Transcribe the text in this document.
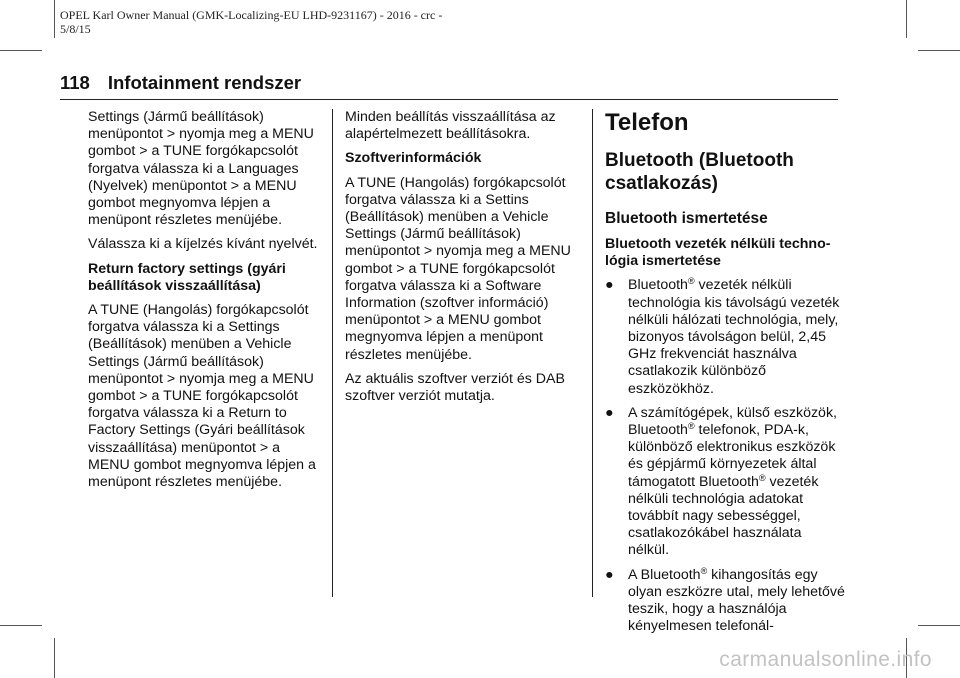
OPEL Karl Owner Manual (GMK-Localizing-EU LHD-9231167) - 2016 - crc -
5/8/15
118 Infotainment rendszer

Settings (Jármű beállítások) menüpontot > nyomja meg a MENU gombot > a TUNE forgókapcsolót forgatva válassza ki a Languages (Nyelvek) menüpontot > a MENU gombot megnyomva lépjen a menüpont részletes menüjébe.

Válassza ki a kíjelzés kívánt nyelvét.

Return factory settings (gyári beállítások visszaállítása)

A TUNE (Hangolás) forgókapcsolót forgatva válassza ki a Settings (Beállítások) menüben a Vehicle Settings (Jármű beállítások) menüpontot > nyomja meg a MENU gombot > a TUNE forgókapcsolót forgatva válassza ki a Return to Factory Settings (Gyári beállítások visszaállítása) menüpontot > a MENU gombot megnyomva lépjen a menüpont részletes menüjébe.

Minden beállítás visszaállítása az alapértelmezett beállításokra.

Szoftverinformációk

A TUNE (Hangolás) forgókapcsolót forgatva válassza ki a Settins (Beállítások) menüben a Vehicle Settings (Jármű beállítások) menüpontot > nyomja meg a MENU gombot > a TUNE forgókapcsolót forgatva válassza ki a Software Information (szoftver információ) menüpontot > a MENU gombot megnyomva lépjen a menüpont részletes menüjébe.

Az aktuális szoftver verziót és DAB szoftver verziót mutatja.

Telefon
Bluetooth (Bluetooth csatlakozás)
Bluetooth ismertetése

Bluetooth vezeték nélküli technológia ismertetése

● Bluetooth® vezeték nélküli technológia kis távolságú vezeték nélküli hálózati technológia, mely, bizonyos távolságon belül, 2,45 GHz frekvenciát használva csatlakozik különböző eszközökhöz.
● A számítógépek, külső eszközök, Bluetooth® telefonok, PDA-k, különböző elektronikus eszközök és gépjármű környezetek által támogatott Bluetooth® vezeték nélküli technológia adatokat továbbít nagy sebességgel, csatlakozókábel használata nélkül.
● A Bluetooth® kihangosítás egy olyan eszközre utal, mely lehetővé teszik, hogy a használója kényelmesen telefonál-
carmanualsonline.info
